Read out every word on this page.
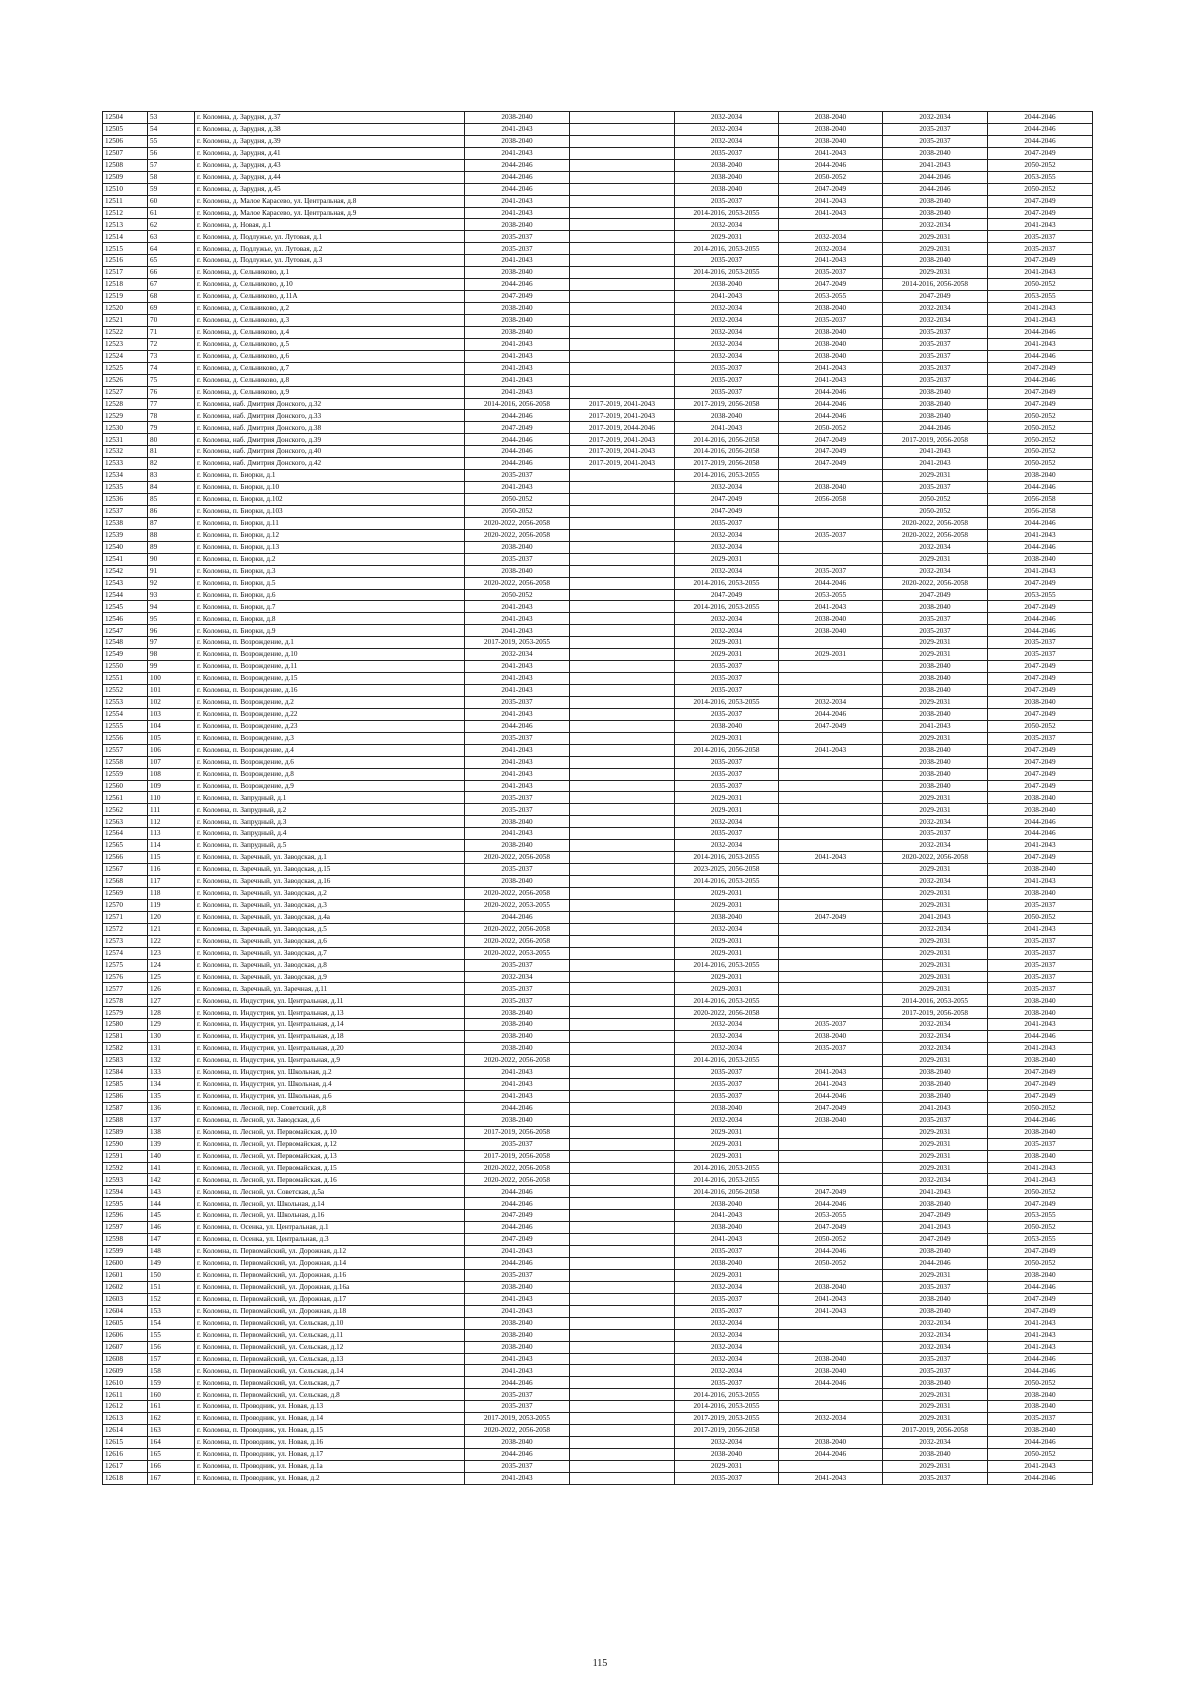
12504	53	г. Коломна, д. Зарудня, д.37	2038-2040		2032-2034	2038-2040	2032-2034	2044-2046
12505	54	г. Коломна, д. Зарудня, д.38	2041-2043		2032-2034	2038-2040	2035-2037	2044-2046
12506	55	г. Коломна, д. Зарудня, д.39	2038-2040		2032-2034	2038-2040	2035-2037	2044-2046
12507	56	г. Коломна, д. Зарудня, д.41	2041-2043		2035-2037	2041-2043	2038-2040	2047-2049
12508	57	г. Коломна, д. Зарудня, д.43	2044-2046		2038-2040	2044-2046	2041-2043	2050-2052
12509	58	г. Коломна, д. Зарудня, д.44	2044-2046		2038-2040	2050-2052	2044-2046	2053-2055
12510	59	г. Коломна, д. Зарудня, д.45	2044-2046		2038-2040	2047-2049	2044-2046	2050-2052
12511	60	г. Коломна, д. Малое Карасево, ул. Центральная, д.8	2041-2043		2035-2037	2041-2043	2038-2040	2047-2049
12512	61	г. Коломна, д. Малое Карасево, ул. Центральная, д.9	2041-2043		2014-2016, 2053-2055	2041-2043	2038-2040	2047-2049
12513	62	г. Коломна, д. Новая, д.1	2038-2040		2032-2034		2032-2034	2041-2043
12514	63	г. Коломна, д. Подлужье, ул. Лутовая, д.1	2035-2037		2029-2031	2032-2034	2029-2031	2035-2037
12515	64	г. Коломна, д. Подлужье, ул. Лутовая, д.2	2035-2037		2014-2016, 2053-2055	2032-2034	2029-2031	2035-2037
12516	65	г. Коломна, д. Подлужье, ул. Лутовая, д.3	2041-2043		2035-2037	2041-2043	2038-2040	2047-2049
12517	66	г. Коломна, д. Сельниково, д.1	2038-2040		2014-2016, 2053-2055	2035-2037	2029-2031	2041-2043
12518	67	г. Коломна, д. Сельниково, д.10	2044-2046		2038-2040	2047-2049	2014-2016, 2056-2058	2050-2052
12519	68	г. Коломна, д. Сельниково, д.11А	2047-2049		2041-2043	2053-2055	2047-2049	2053-2055
12520	69	г. Коломна, д. Сельниково, д.2	2038-2040		2032-2034	2038-2040	2032-2034	2041-2043
12521	70	г. Коломна, д. Сельниково, д.3	2038-2040		2032-2034	2035-2037	2032-2034	2041-2043
12522	71	г. Коломна, д. Сельниково, д.4	2038-2040		2032-2034	2038-2040	2035-2037	2044-2046
12523	72	г. Коломна, д. Сельниково, д.5	2041-2043		2032-2034	2038-2040	2035-2037	2041-2043
12524	73	г. Коломна, д. Сельниково, д.6	2041-2043		2032-2034	2038-2040	2035-2037	2044-2046
12525	74	г. Коломна, д. Сельниково, д.7	2041-2043		2035-2037	2041-2043	2035-2037	2047-2049
12526	75	г. Коломна, д. Сельниково, д.8	2041-2043		2035-2037	2041-2043	2035-2037	2044-2046
12527	76	г. Коломна, д. Сельниково, д.9	2041-2043		2035-2037	2044-2046	2038-2040	2047-2049
12528	77	г. Коломна, наб. Дмитрия Донского, д.32	2014-2016, 2056-2058	2017-2019, 2041-2043	2017-2019, 2056-2058	2044-2046	2038-2040	2047-2049
12529	78	г. Коломна, наб. Дмитрия Донского, д.33	2044-2046	2017-2019, 2041-2043	2038-2040	2044-2046	2038-2040	2050-2052
12530	79	г. Коломна, наб. Дмитрия Донского, д.38	2047-2049	2017-2019, 2044-2046	2041-2043	2050-2052	2044-2046	2050-2052
12531	80	г. Коломна, наб. Дмитрия Донского, д.39	2044-2046	2017-2019, 2041-2043	2014-2016, 2056-2058	2047-2049	2017-2019, 2056-2058	2050-2052
12532	81	г. Коломна, наб. Дмитрия Донского, д.40	2044-2046	2017-2019, 2041-2043	2014-2016, 2056-2058	2047-2049	2041-2043	2050-2052
12533	82	г. Коломна, наб. Дмитрия Донского, д.42	2044-2046	2017-2019, 2041-2043	2017-2019, 2056-2058	2047-2049	2041-2043	2050-2052
12534	83	г. Коломна, п. Биорки, д.1	2035-2037		2014-2016, 2053-2055		2029-2031	2038-2040
12535	84	г. Коломна, п. Биорки, д.10	2041-2043		2032-2034	2038-2040	2035-2037	2044-2046
12536	85	г. Коломна, п. Биорки, д.102	2050-2052		2047-2049	2056-2058	2050-2052	2056-2058
12537	86	г. Коломна, п. Биорки, д.103	2050-2052		2047-2049		2050-2052	2056-2058
12538	87	г. Коломна, п. Биорки, д.11	2020-2022, 2056-2058		2035-2037		2020-2022, 2056-2058	2044-2046
12539	88	г. Коломна, п. Биорки, д.12	2020-2022, 2056-2058		2032-2034	2035-2037	2020-2022, 2056-2058	2041-2043
12540	89	г. Коломна, п. Биорки, д.13	2038-2040		2032-2034		2032-2034	2044-2046
12541	90	г. Коломна, п. Биорки, д.2	2035-2037		2029-2031		2029-2031	2038-2040
12542	91	г. Коломна, п. Биорки, д.3	2038-2040		2032-2034	2035-2037	2032-2034	2041-2043
12543	92	г. Коломна, п. Биорки, д.5	2020-2022, 2056-2058		2014-2016, 2053-2055	2044-2046	2020-2022, 2056-2058	2047-2049
12544	93	г. Коломна, п. Биорки, д.6	2050-2052		2047-2049	2053-2055	2047-2049	2053-2055
12545	94	г. Коломна, п. Биорки, д.7	2041-2043		2014-2016, 2053-2055	2041-2043	2038-2040	2047-2049
12546	95	г. Коломна, п. Биорки, д.8	2041-2043		2032-2034	2038-2040	2035-2037	2044-2046
12547	96	г. Коломна, п. Биорки, д.9	2041-2043		2032-2034	2038-2040	2035-2037	2044-2046
12548	97	г. Коломна, п. Возрождение, д.1	2017-2019, 2053-2055		2029-2031		2029-2031	2035-2037
12549	98	г. Коломна, п. Возрождение, д.10	2032-2034		2029-2031	2029-2031	2029-2031	2035-2037
12550	99	г. Коломна, п. Возрождение, д.11	2041-2043		2035-2037		2038-2040	2047-2049
12551	100	г. Коломна, п. Возрождение, д.15	2041-2043		2035-2037		2038-2040	2047-2049
12552	101	г. Коломна, п. Возрождение, д.16	2041-2043		2035-2037		2038-2040	2047-2049
12553	102	г. Коломна, п. Возрождение, д.2	2035-2037		2014-2016, 2053-2055	2032-2034	2029-2031	2038-2040
12554	103	г. Коломна, п. Возрождение, д.22	2041-2043		2035-2037	2044-2046	2038-2040	2047-2049
12555	104	г. Коломна, п. Возрождение, д.23	2044-2046		2038-2040	2047-2049	2041-2043	2050-2052
12556	105	г. Коломна, п. Возрождение, д.3	2035-2037		2029-2031		2029-2031	2035-2037
12557	106	г. Коломна, п. Возрождение, д.4	2041-2043		2014-2016, 2056-2058	2041-2043	2038-2040	2047-2049
12558	107	г. Коломна, п. Возрождение, д.6	2041-2043		2035-2037		2038-2040	2047-2049
12559	108	г. Коломна, п. Возрождение, д.8	2041-2043		2035-2037		2038-2040	2047-2049
12560	109	г. Коломна, п. Возрождение, д.9	2041-2043		2035-2037		2038-2040	2047-2049
12561	110	г. Коломна, п. Запрудный, д.1	2035-2037		2029-2031		2029-2031	2038-2040
12562	111	г. Коломна, п. Запрудный, д.2	2035-2037		2029-2031		2029-2031	2038-2040
12563	112	г. Коломна, п. Запрудный, д.3	2038-2040		2032-2034		2032-2034	2044-2046
12564	113	г. Коломна, п. Запрудный, д.4	2041-2043		2035-2037		2035-2037	2044-2046
12565	114	г. Коломна, п. Запрудный, д.5	2038-2040		2032-2034		2032-2034	2041-2043
12566	115	г. Коломна, п. Заречный, ул. Заводская, д.1	2020-2022, 2056-2058		2014-2016, 2053-2055	2041-2043	2020-2022, 2056-2058	2047-2049
12567	116	г. Коломна, п. Заречный, ул. Заводская, д.15	2035-2037		2023-2025, 2056-2058		2029-2031	2038-2040
12568	117	г. Коломна, п. Заречный, ул. Заводская, д.16	2038-2040		2014-2016, 2053-2055		2032-2034	2041-2043
12569	118	г. Коломна, п. Заречный, ул. Заводская, д.2	2020-2022, 2056-2058		2029-2031		2029-2031	2038-2040
12570	119	г. Коломна, п. Заречный, ул. Заводская, д.3	2020-2022, 2053-2055		2029-2031		2029-2031	2035-2037
12571	120	г. Коломна, п. Заречный, ул. Заводская, д.4а	2044-2046		2038-2040	2047-2049	2041-2043	2050-2052
12572	121	г. Коломна, п. Заречный, ул. Заводская, д.5	2020-2022, 2056-2058		2032-2034		2032-2034	2041-2043
12573	122	г. Коломна, п. Заречный, ул. Заводская, д.6	2020-2022, 2056-2058		2029-2031		2029-2031	2035-2037
12574	123	г. Коломна, п. Заречный, ул. Заводская, д.7	2020-2022, 2053-2055		2029-2031		2029-2031	2035-2037
12575	124	г. Коломна, п. Заречный, ул. Заводская, д.8	2035-2037		2014-2016, 2053-2055		2029-2031	2035-2037
12576	125	г. Коломна, п. Заречный, ул. Заводская, д.9	2032-2034		2029-2031		2029-2031	2035-2037
12577	126	г. Коломна, п. Заречный, ул. Заречная, д.11	2035-2037		2029-2031		2029-2031	2035-2037
12578	127	г. Коломна, п. Индустрия, ул. Центральная, д.11	2035-2037		2014-2016, 2053-2055		2014-2016, 2053-2055	2038-2040
12579	128	г. Коломна, п. Индустрия, ул. Центральная, д.13	2038-2040		2020-2022, 2056-2058		2017-2019, 2056-2058	2038-2040
12580	129	г. Коломна, п. Индустрия, ул. Центральная, д.14	2038-2040		2032-2034	2035-2037	2032-2034	2041-2043
12581	130	г. Коломна, п. Индустрия, ул. Центральная, д.18	2038-2040		2032-2034	2038-2040	2032-2034	2044-2046
12582	131	г. Коломна, п. Индустрия, ул. Центральная, д.20	2038-2040		2032-2034	2035-2037	2032-2034	2041-2043
12583	132	г. Коломна, п. Индустрия, ул. Центральная, д.9	2020-2022, 2056-2058		2014-2016, 2053-2055		2029-2031	2038-2040
12584	133	г. Коломна, п. Индустрия, ул. Школьная, д.2	2041-2043		2035-2037	2041-2043	2038-2040	2047-2049
12585	134	г. Коломна, п. Индустрия, ул. Школьная, д.4	2041-2043		2035-2037	2041-2043	2038-2040	2047-2049
12586	135	г. Коломна, п. Индустрия, ул. Школьная, д.6	2041-2043		2035-2037	2044-2046	2038-2040	2047-2049
12587	136	г. Коломна, п. Лесной, пер. Советский, д.8	2044-2046		2038-2040	2047-2049	2041-2043	2050-2052
12588	137	г. Коломна, п. Лесной, ул. Заводская, д.6	2038-2040		2032-2034	2038-2040	2035-2037	2044-2046
12589	138	г. Коломна, п. Лесной, ул. Первомайская, д.10	2017-2019, 2056-2058		2029-2031		2029-2031	2038-2040
12590	139	г. Коломна, п. Лесной, ул. Первомайская, д.12	2035-2037		2029-2031		2029-2031	2035-2037
12591	140	г. Коломна, п. Лесной, ул. Первомайская, д.13	2017-2019, 2056-2058		2029-2031		2029-2031	2038-2040
12592	141	г. Коломна, п. Лесной, ул. Первомайская, д.15	2020-2022, 2056-2058		2014-2016, 2053-2055		2029-2031	2041-2043
12593	142	г. Коломна, п. Лесной, ул. Первомайская, д.16	2020-2022, 2056-2058		2014-2016, 2053-2055		2032-2034	2041-2043
12594	143	г. Коломна, п. Лесной, ул. Советская, д.5а	2044-2046		2014-2016, 2056-2058	2047-2049	2041-2043	2050-2052
12595	144	г. Коломна, п. Лесной, ул. Школьная, д.14	2044-2046		2038-2040	2044-2046	2038-2040	2047-2049
12596	145	г. Коломна, п. Лесной, ул. Школьная, д.16	2047-2049		2041-2043	2053-2055	2047-2049	2053-2055
12597	146	г. Коломна, п. Осенка, ул. Центральная, д.1	2044-2046		2038-2040	2047-2049	2041-2043	2050-2052
12598	147	г. Коломна, п. Осенка, ул. Центральная, д.3	2047-2049		2041-2043	2050-2052	2047-2049	2053-2055
12599	148	г. Коломна, п. Первомайский, ул. Дорожная, д.12	2041-2043		2035-2037	2044-2046	2038-2040	2047-2049
12600	149	г. Коломна, п. Первомайский, ул. Дорожная, д.14	2044-2046		2038-2040	2050-2052	2044-2046	2050-2052
12601	150	г. Коломна, п. Первомайский, ул. Дорожная, д.16	2035-2037		2029-2031		2029-2031	2038-2040
12602	151	г. Коломна, п. Первомайский, ул. Дорожная, д.16а	2038-2040		2032-2034	2038-2040	2035-2037	2044-2046
12603	152	г. Коломна, п. Первомайский, ул. Дорожная, д.17	2041-2043		2035-2037	2041-2043	2038-2040	2047-2049
12604	153	г. Коломна, п. Первомайский, ул. Дорожная, д.18	2041-2043		2035-2037	2041-2043	2038-2040	2047-2049
12605	154	г. Коломна, п. Первомайский, ул. Сельская, д.10	2038-2040		2032-2034		2032-2034	2041-2043
12606	155	г. Коломна, п. Первомайский, ул. Сельская, д.11	2038-2040		2032-2034		2032-2034	2041-2043
12607	156	г. Коломна, п. Первомайский, ул. Сельская, д.12	2038-2040		2032-2034		2032-2034	2041-2043
12608	157	г. Коломна, п. Первомайский, ул. Сельская, д.13	2041-2043		2032-2034	2038-2040	2035-2037	2044-2046
12609	158	г. Коломна, п. Первомайский, ул. Сельская, д.14	2041-2043		2032-2034	2038-2040	2035-2037	2044-2046
12610	159	г. Коломна, п. Первомайский, ул. Сельская, д.7	2044-2046		2035-2037	2044-2046	2038-2040	2050-2052
12611	160	г. Коломна, п. Первомайский, ул. Сельская, д.8	2035-2037		2014-2016, 2053-2055		2029-2031	2038-2040
12612	161	г. Коломна, п. Проводник, ул. Новая, д.13	2035-2037		2014-2016, 2053-2055		2029-2031	2038-2040
12613	162	г. Коломна, п. Проводник, ул. Новая, д.14	2017-2019, 2053-2055		2017-2019, 2053-2055	2032-2034	2029-2031	2035-2037
12614	163	г. Коломна, п. Проводник, ул. Новая, д.15	2020-2022, 2056-2058		2017-2019, 2056-2058		2017-2019, 2056-2058	2038-2040
12615	164	г. Коломна, п. Проводник, ул. Новая, д.16	2038-2040		2032-2034	2038-2040	2032-2034	2044-2046
12616	165	г. Коломна, п. Проводник, ул. Новая, д.17	2044-2046		2038-2040	2044-2046	2038-2040	2050-2052
12617	166	г. Коломна, п. Проводник, ул. Новая, д.1а	2035-2037		2029-2031		2029-2031	2041-2043
12618	167	г. Коломна, п. Проводник, ул. Новая, д.2	2041-2043		2035-2037	2041-2043	2035-2037	2044-2046
115
